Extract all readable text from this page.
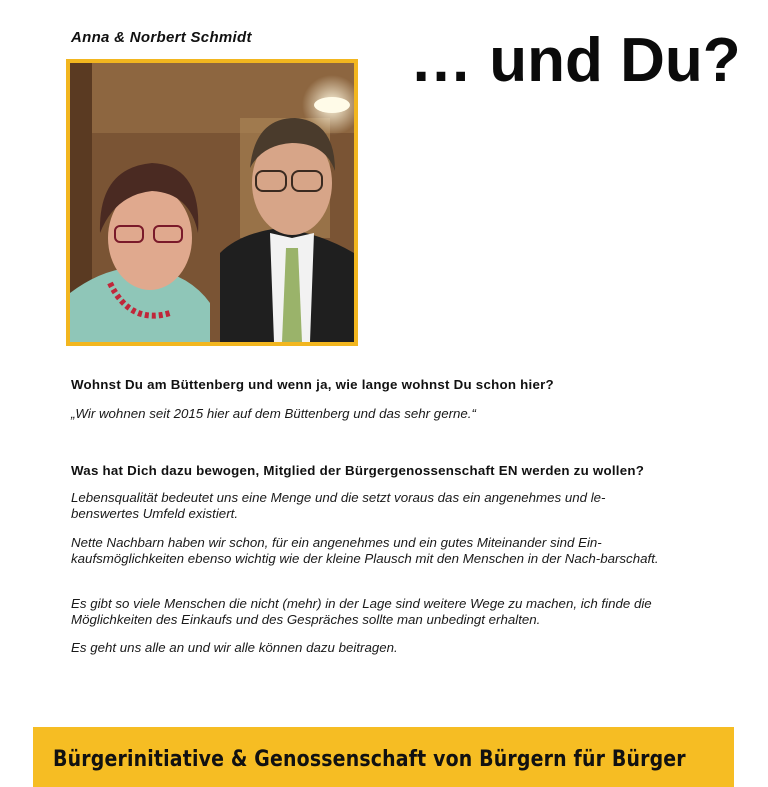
Anna & Norbert Schmidt	… und Du?
Wohnst Du am Büttenberg und wenn ja, wie lange wohnst Du schon hier?
„Wir wohnen seit 2015 hier auf dem Büttenberg und das sehr gerne.“
Was hat Dich dazu bewogen, Mitglied der Bürgergenossenschaft EN werden zu wollen?
Lebensqualität bedeutet uns eine Menge und die setzt voraus das ein angenehmes und le-benswertes Umfeld existiert.
Nette Nachbarn haben wir schon, für ein angenehmes und ein gutes Miteinander sind Ein-kaufsmöglichkeiten ebenso wichtig wie der kleine Plausch mit den Menschen in der Nach-barschaft.
Es gibt so viele Menschen die nicht (mehr) in der Lage sind weitere Wege zu machen, ich finde die Möglichkeiten des Einkaufs und des Gespräches sollte man unbedingt erhalten.
Es geht uns alle an und wir alle können dazu beitragen.
Bürgerinitiative & Genossenschaft von Bürgern für Bürger
